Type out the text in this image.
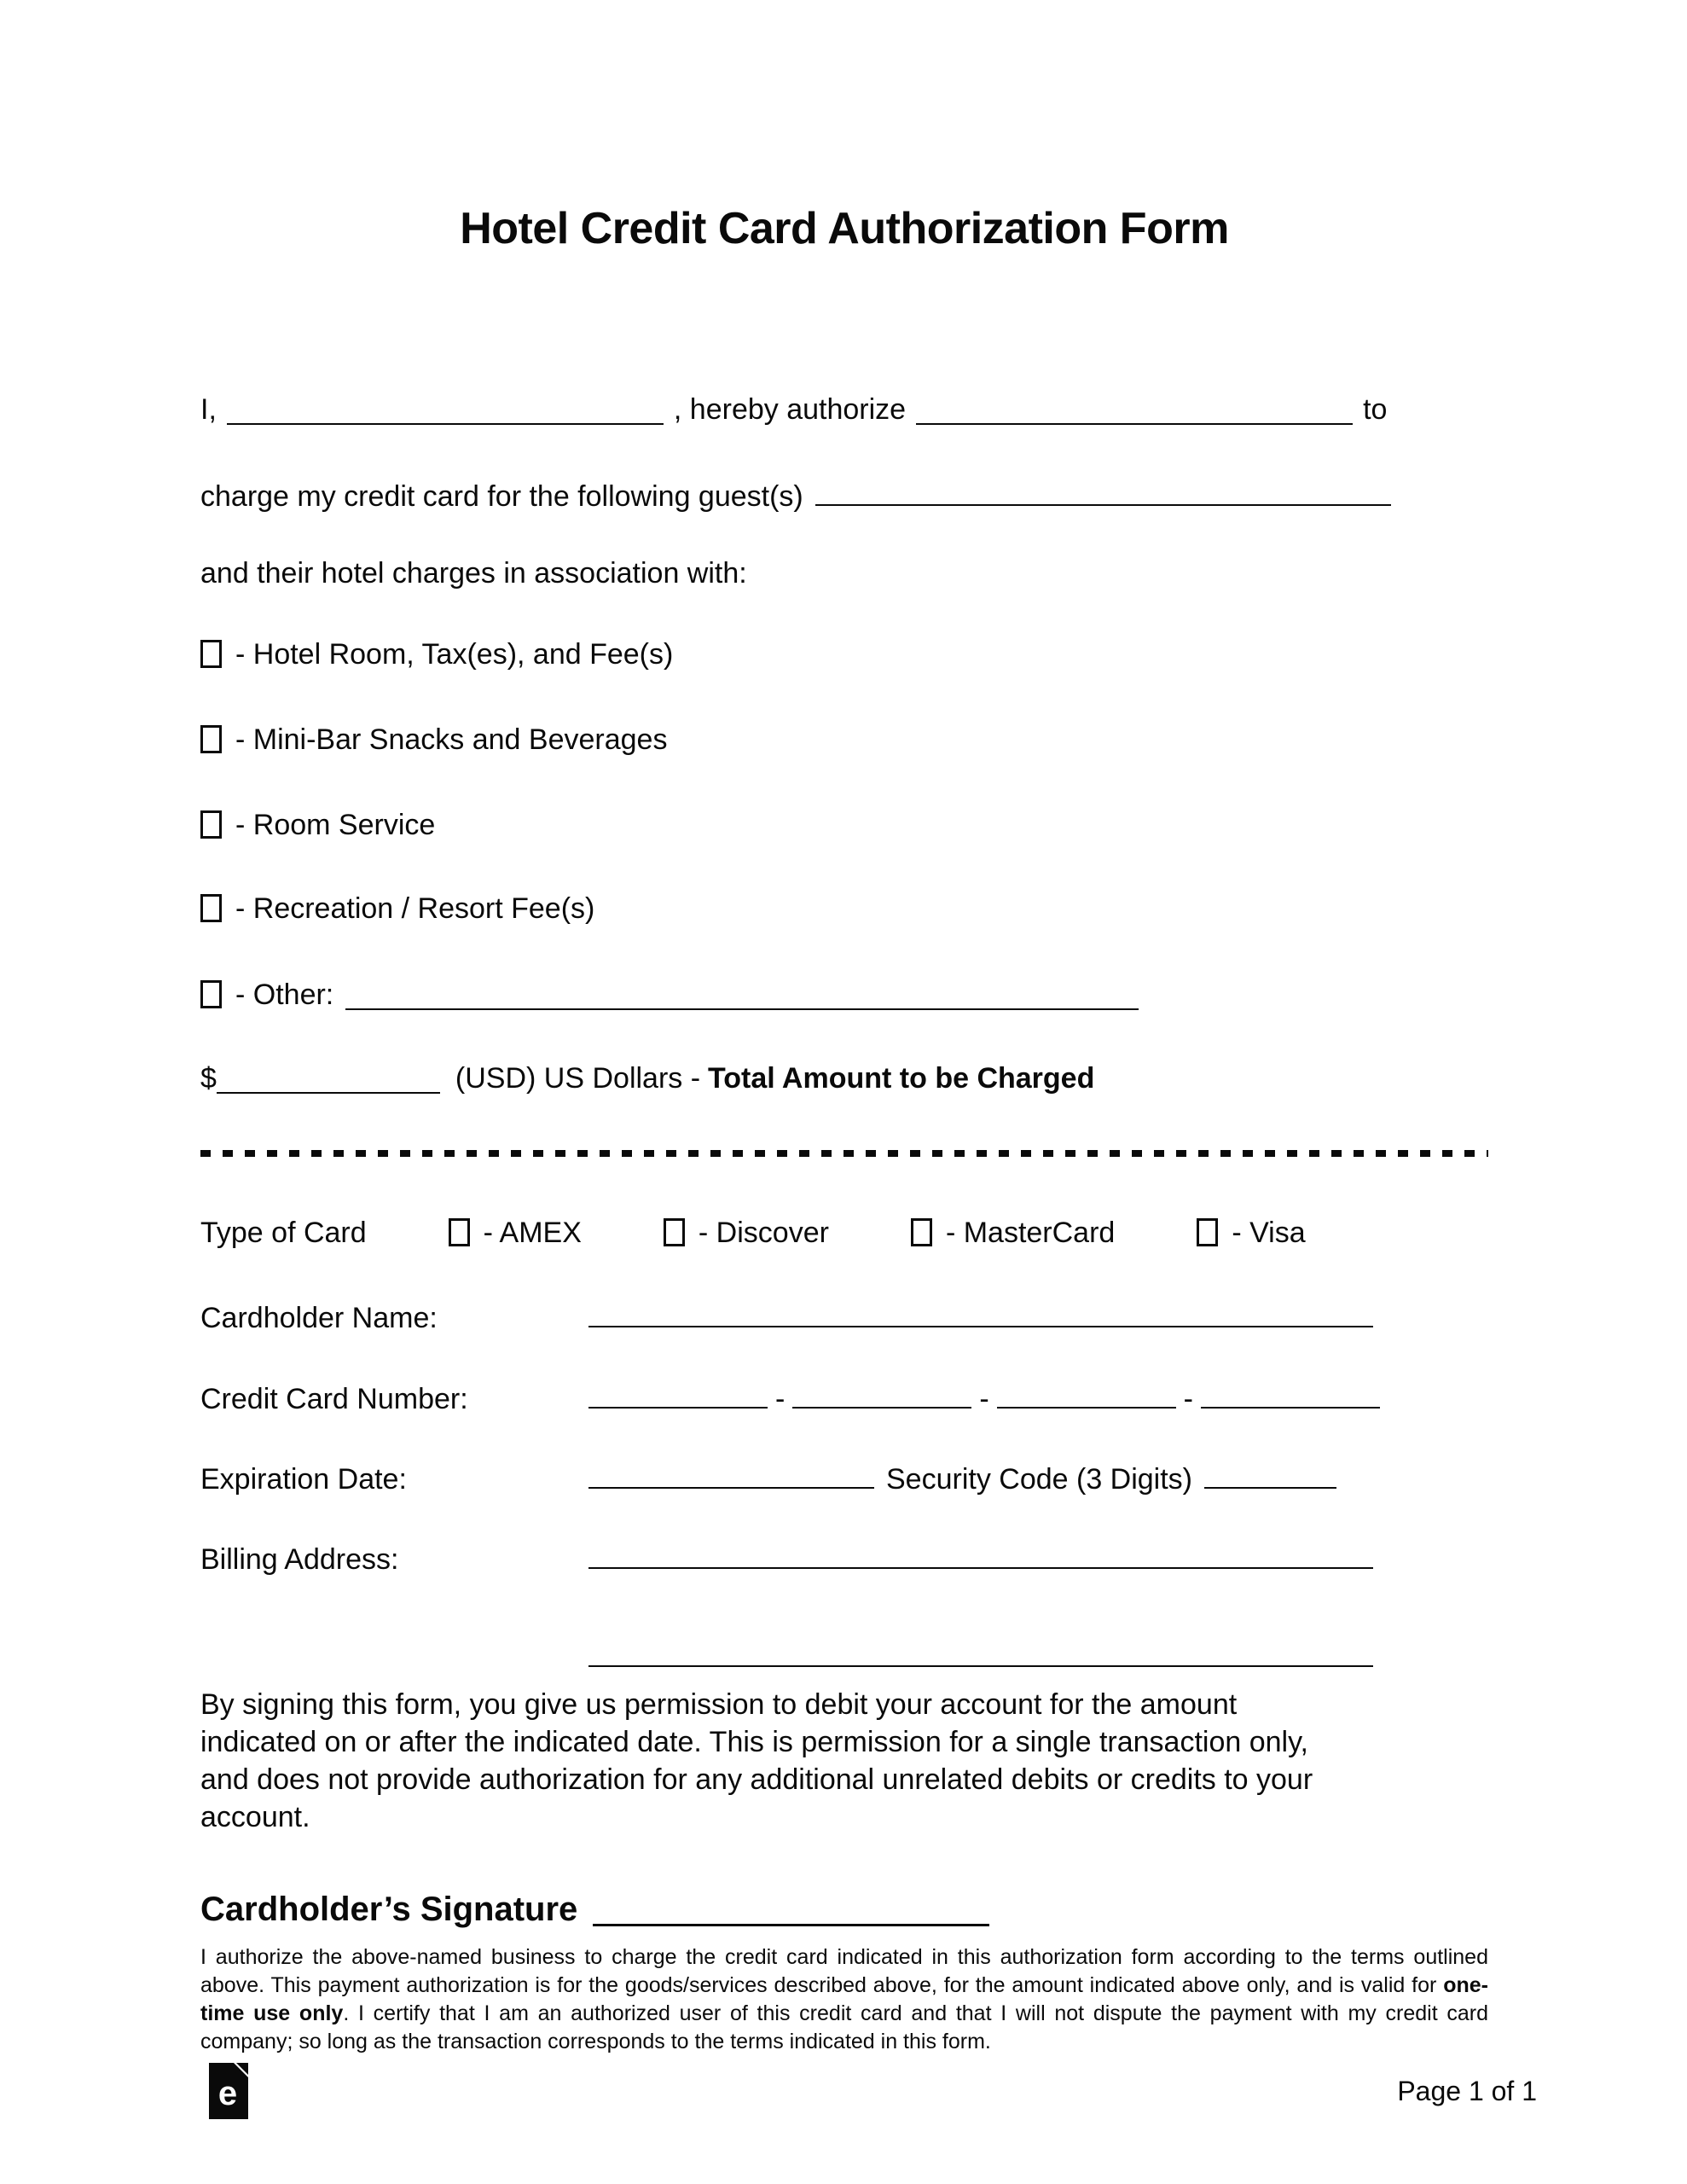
Hotel Credit Card Authorization Form
I,	, hereby authorize	to
charge my credit card for the following guest(s)
and their hotel charges in association with:
- Hotel Room, Tax(es), and Fee(s)
- Mini-Bar Snacks and Beverages
- Room Service
- Recreation / Resort Fee(s)
- Other:
$	(USD) US Dollars - Total Amount to be Charged
Type of Card	- AMEX	- Discover	- MasterCard	- Visa
Cardholder Name:
Credit Card Number:	-	-	-
Expiration Date:	Security Code (3 Digits)
Billing Address:
By signing this form, you give us permission to debit your account for the amount
indicated on or after the indicated date. This is permission for a single transaction only,
and does not provide authorization for any additional unrelated debits or credits to your
account.
Cardholder’s Signature

I authorize the above-named business to charge the credit card indicated in this authorization form according to the terms outlined above. This payment authorization is for the goods/services described above, for the amount indicated above only, and is valid for one-time use only. I certify that I am an authorized user of this credit card and that I will not dispute the payment with my credit card company; so long as the transaction corresponds to the terms indicated in this form.

e	Page 1 of 1
